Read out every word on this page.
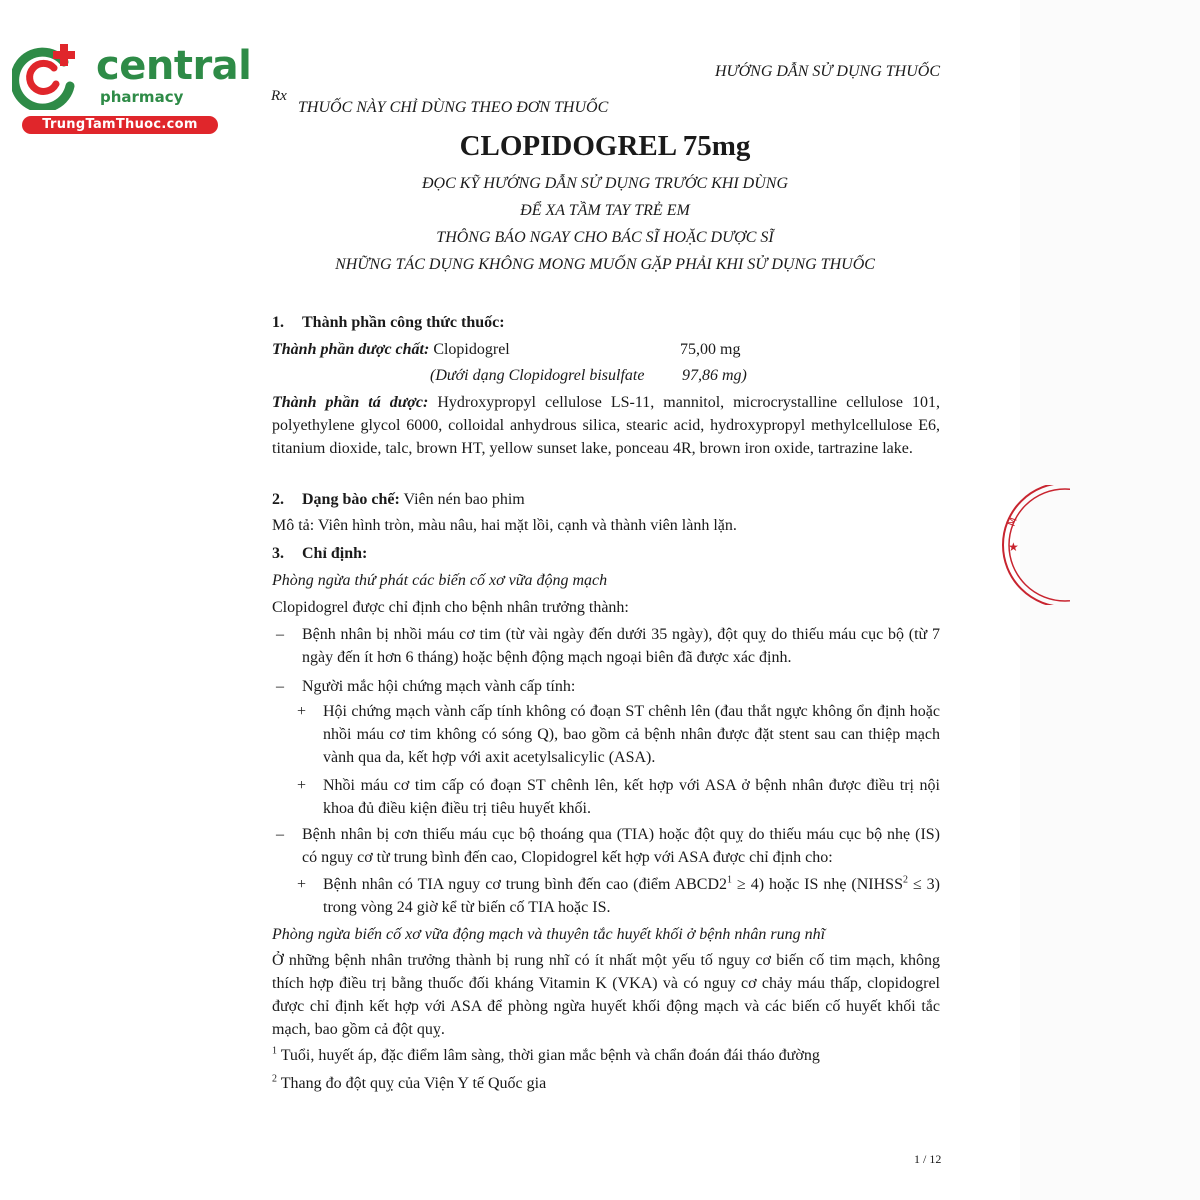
central
pharmacy
TrungTamThuoc.com
HƯỚNG DẪN SỬ DỤNG THUỐC
Rx
THUỐC NÀY CHỈ DÙNG THEO ĐƠN THUỐC
CLOPIDOGREL 75mg
ĐỌC KỸ HƯỚNG DẪN SỬ DỤNG TRƯỚC KHI DÙNG
ĐỂ XA TẦM TAY TRẺ EM
THÔNG BÁO NGAY CHO BÁC SĨ HOẶC DƯỢC SĨ
NHỮNG TÁC DỤNG KHÔNG MONG MUỐN GẶP PHẢI KHI SỬ DỤNG THUỐC
1. Thành phần công thức thuốc:
Thành phần dược chất: Clopidogrel	75,00 mg
(Dưới dạng Clopidogrel bisulfate 97,86 mg)
Thành phần tá dược: Hydroxypropyl cellulose LS-11, mannitol, microcrystalline cellulose 101, polyethylene glycol 6000, colloidal anhydrous silica, stearic acid, hydroxypropyl methylcellulose E6, titanium dioxide, talc, brown HT, yellow sunset lake, ponceau 4R, brown iron oxide, tartrazine lake.
2. Dạng bào chế: Viên nén bao phim
Mô tả: Viên hình tròn, màu nâu, hai mặt lồi, cạnh và thành viên lành lặn.
3. Chỉ định:
Phòng ngừa thứ phát các biến cố xơ vữa động mạch
Clopidogrel được chỉ định cho bệnh nhân trưởng thành:
– Bệnh nhân bị nhồi máu cơ tim (từ vài ngày đến dưới 35 ngày), đột quỵ do thiếu máu cục bộ (từ 7 ngày đến ít hơn 6 tháng) hoặc bệnh động mạch ngoại biên đã được xác định.
– Người mắc hội chứng mạch vành cấp tính:
+ Hội chứng mạch vành cấp tính không có đoạn ST chênh lên (đau thắt ngực không ổn định hoặc nhồi máu cơ tim không có sóng Q), bao gồm cả bệnh nhân được đặt stent sau can thiệp mạch vành qua da, kết hợp với axit acetylsalicylic (ASA).
+ Nhồi máu cơ tim cấp có đoạn ST chênh lên, kết hợp với ASA ở bệnh nhân được điều trị nội khoa đủ điều kiện điều trị tiêu huyết khối.
– Bệnh nhân bị cơn thiếu máu cục bộ thoáng qua (TIA) hoặc đột quỵ do thiếu máu cục bộ nhẹ (IS) có nguy cơ từ trung bình đến cao, Clopidogrel kết hợp với ASA được chỉ định cho:
+ Bệnh nhân có TIA nguy cơ trung bình đến cao (điểm $ABCD2^1 \ge 4$) hoặc IS nhẹ $(NIHSS^2 \le 3)$ trong vòng 24 giờ kể từ biến cố TIA hoặc IS.
Phòng ngừa biến cố xơ vữa động mạch và thuyên tắc huyết khối ở bệnh nhân rung nhĩ
Ở những bệnh nhân trưởng thành bị rung nhĩ có ít nhất một yếu tố nguy cơ biến cố tim mạch, không thích hợp điều trị bằng thuốc đối kháng Vitamin K (VKA) và có nguy cơ chảy máu thấp, clopidogrel được chỉ định kết hợp với ASA để phòng ngừa huyết khối động mạch và các biến cố huyết khối tắc mạch, bao gồm cả đột quỵ.
$^1$ Tuổi, huyết áp, đặc điểm lâm sàng, thời gian mắc bệnh và chẩn đoán đái tháo đường
$^2$ Thang đo đột quỵ của Viện Y tế Quốc gia
M
★
1 / 12
